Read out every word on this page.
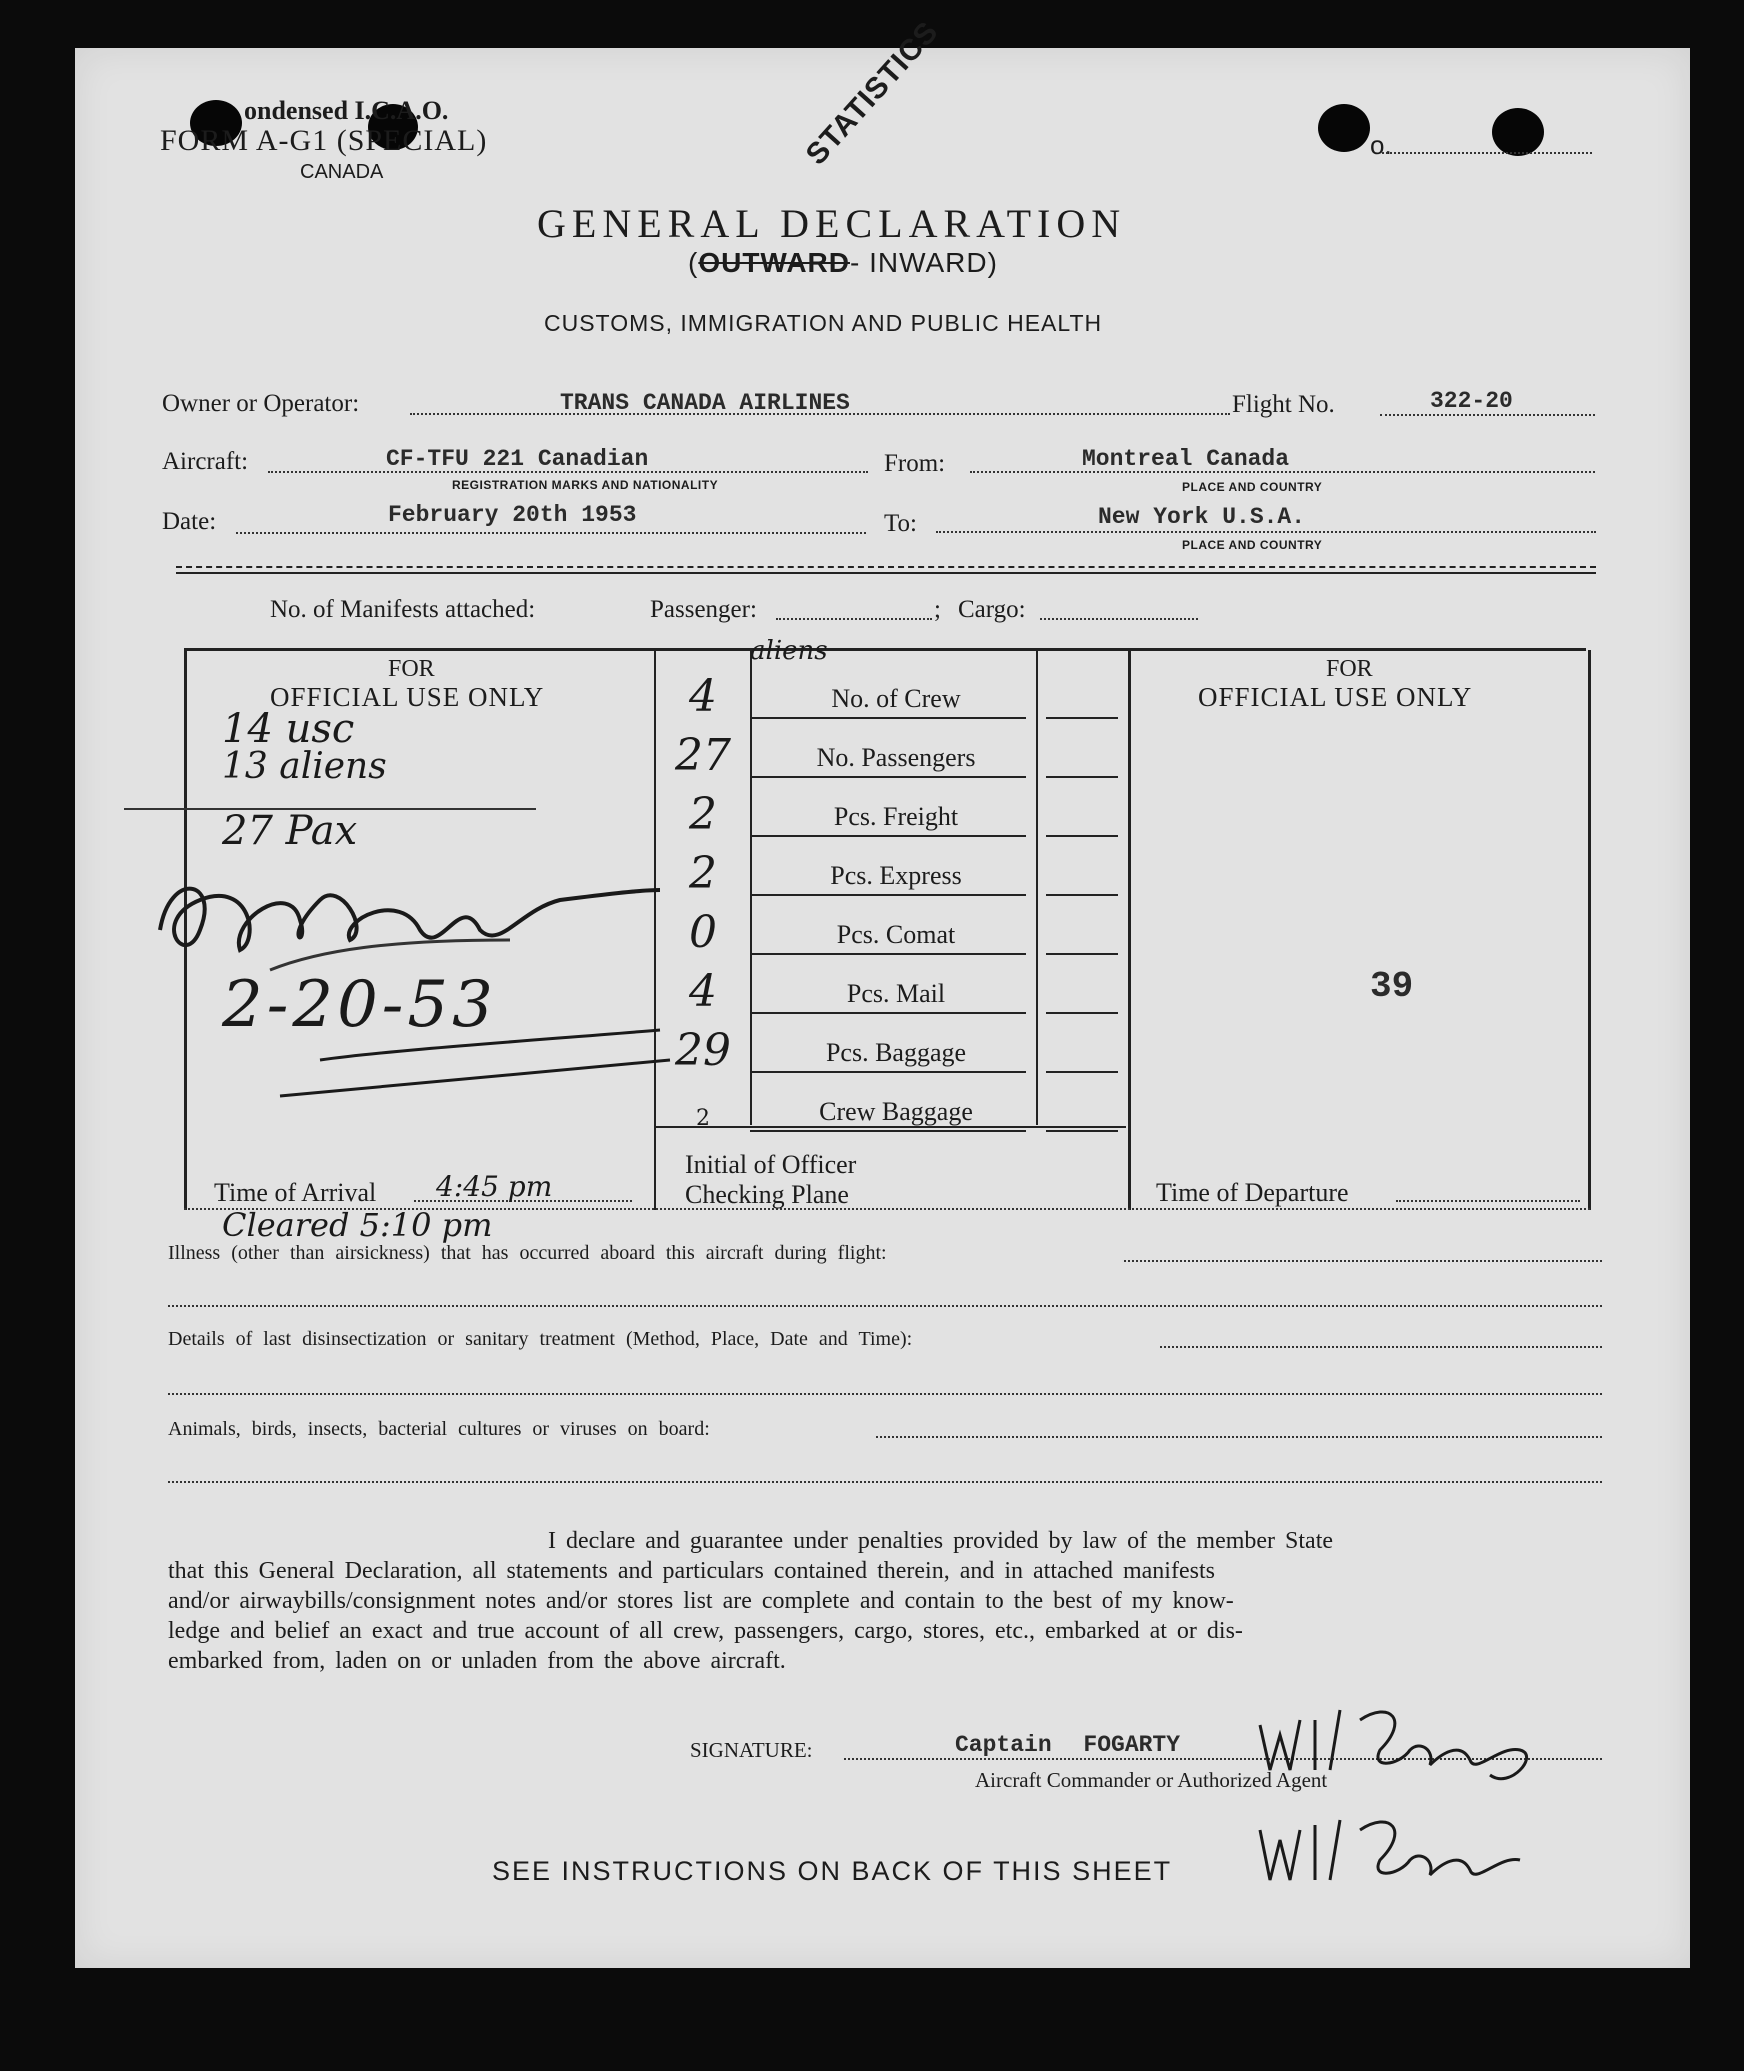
ondensed I.C.A.O.
FORM A-G1 (SPECIAL)
CANADA
o.
STATISTICS
GENERAL DECLARATION
(OUTWARD- INWARD)
CUSTOMS, IMMIGRATION AND PUBLIC HEALTH
Owner or Operator:	TRANS CANADA AIRLINES	Flight No.	322-20
Aircraft:	CF-TFU 221 Canadian
REGISTRATION MARKS AND NATIONALITY
From:	Montreal Canada
PLACE AND COUNTRY
Date:	February 20th 1953	To:	New York U.S.A.
PLACE AND COUNTRY
No. of Manifests attached:	Passenger:	; Cargo:
FOR
OFFICIAL USE ONLY
FOR
OFFICIAL USE ONLY
4	No. of Crew
27	No. Passengers
2	Pcs. Freight
2	Pcs. Express
0	Pcs. Comat
4	Pcs. Mail
29	Pcs. Baggage
2	Crew Baggage
aliens
14 usc
13 aliens
27 Pax
2-20-53	39
Time of Arrival 4:45 pm
Initial of Officer
Checking Plane	Time of Departure
Cleared 5:10 pm
Illness (other than airsickness) that has occurred aboard this aircraft during flight:
Details of last disinsectization or sanitary treatment (Method, Place, Date and Time):
Animals, birds, insects, bacterial cultures or viruses on board:
I declare and guarantee under penalties provided by law of the member State
that this General Declaration, all statements and particulars contained therein, and in attached manifests
and/or airwaybills/consignment notes and/or stores list are complete and contain to the best of my know-
ledge and belief an exact and true account of all crew, passengers, cargo, stores, etc., embarked at or dis-
embarked from, laden on or unladen from the above aircraft.
SIGNATURE:	Captain FOGARTY
Aircraft Commander or Authorized Agent
SEE INSTRUCTIONS ON BACK OF THIS SHEET
